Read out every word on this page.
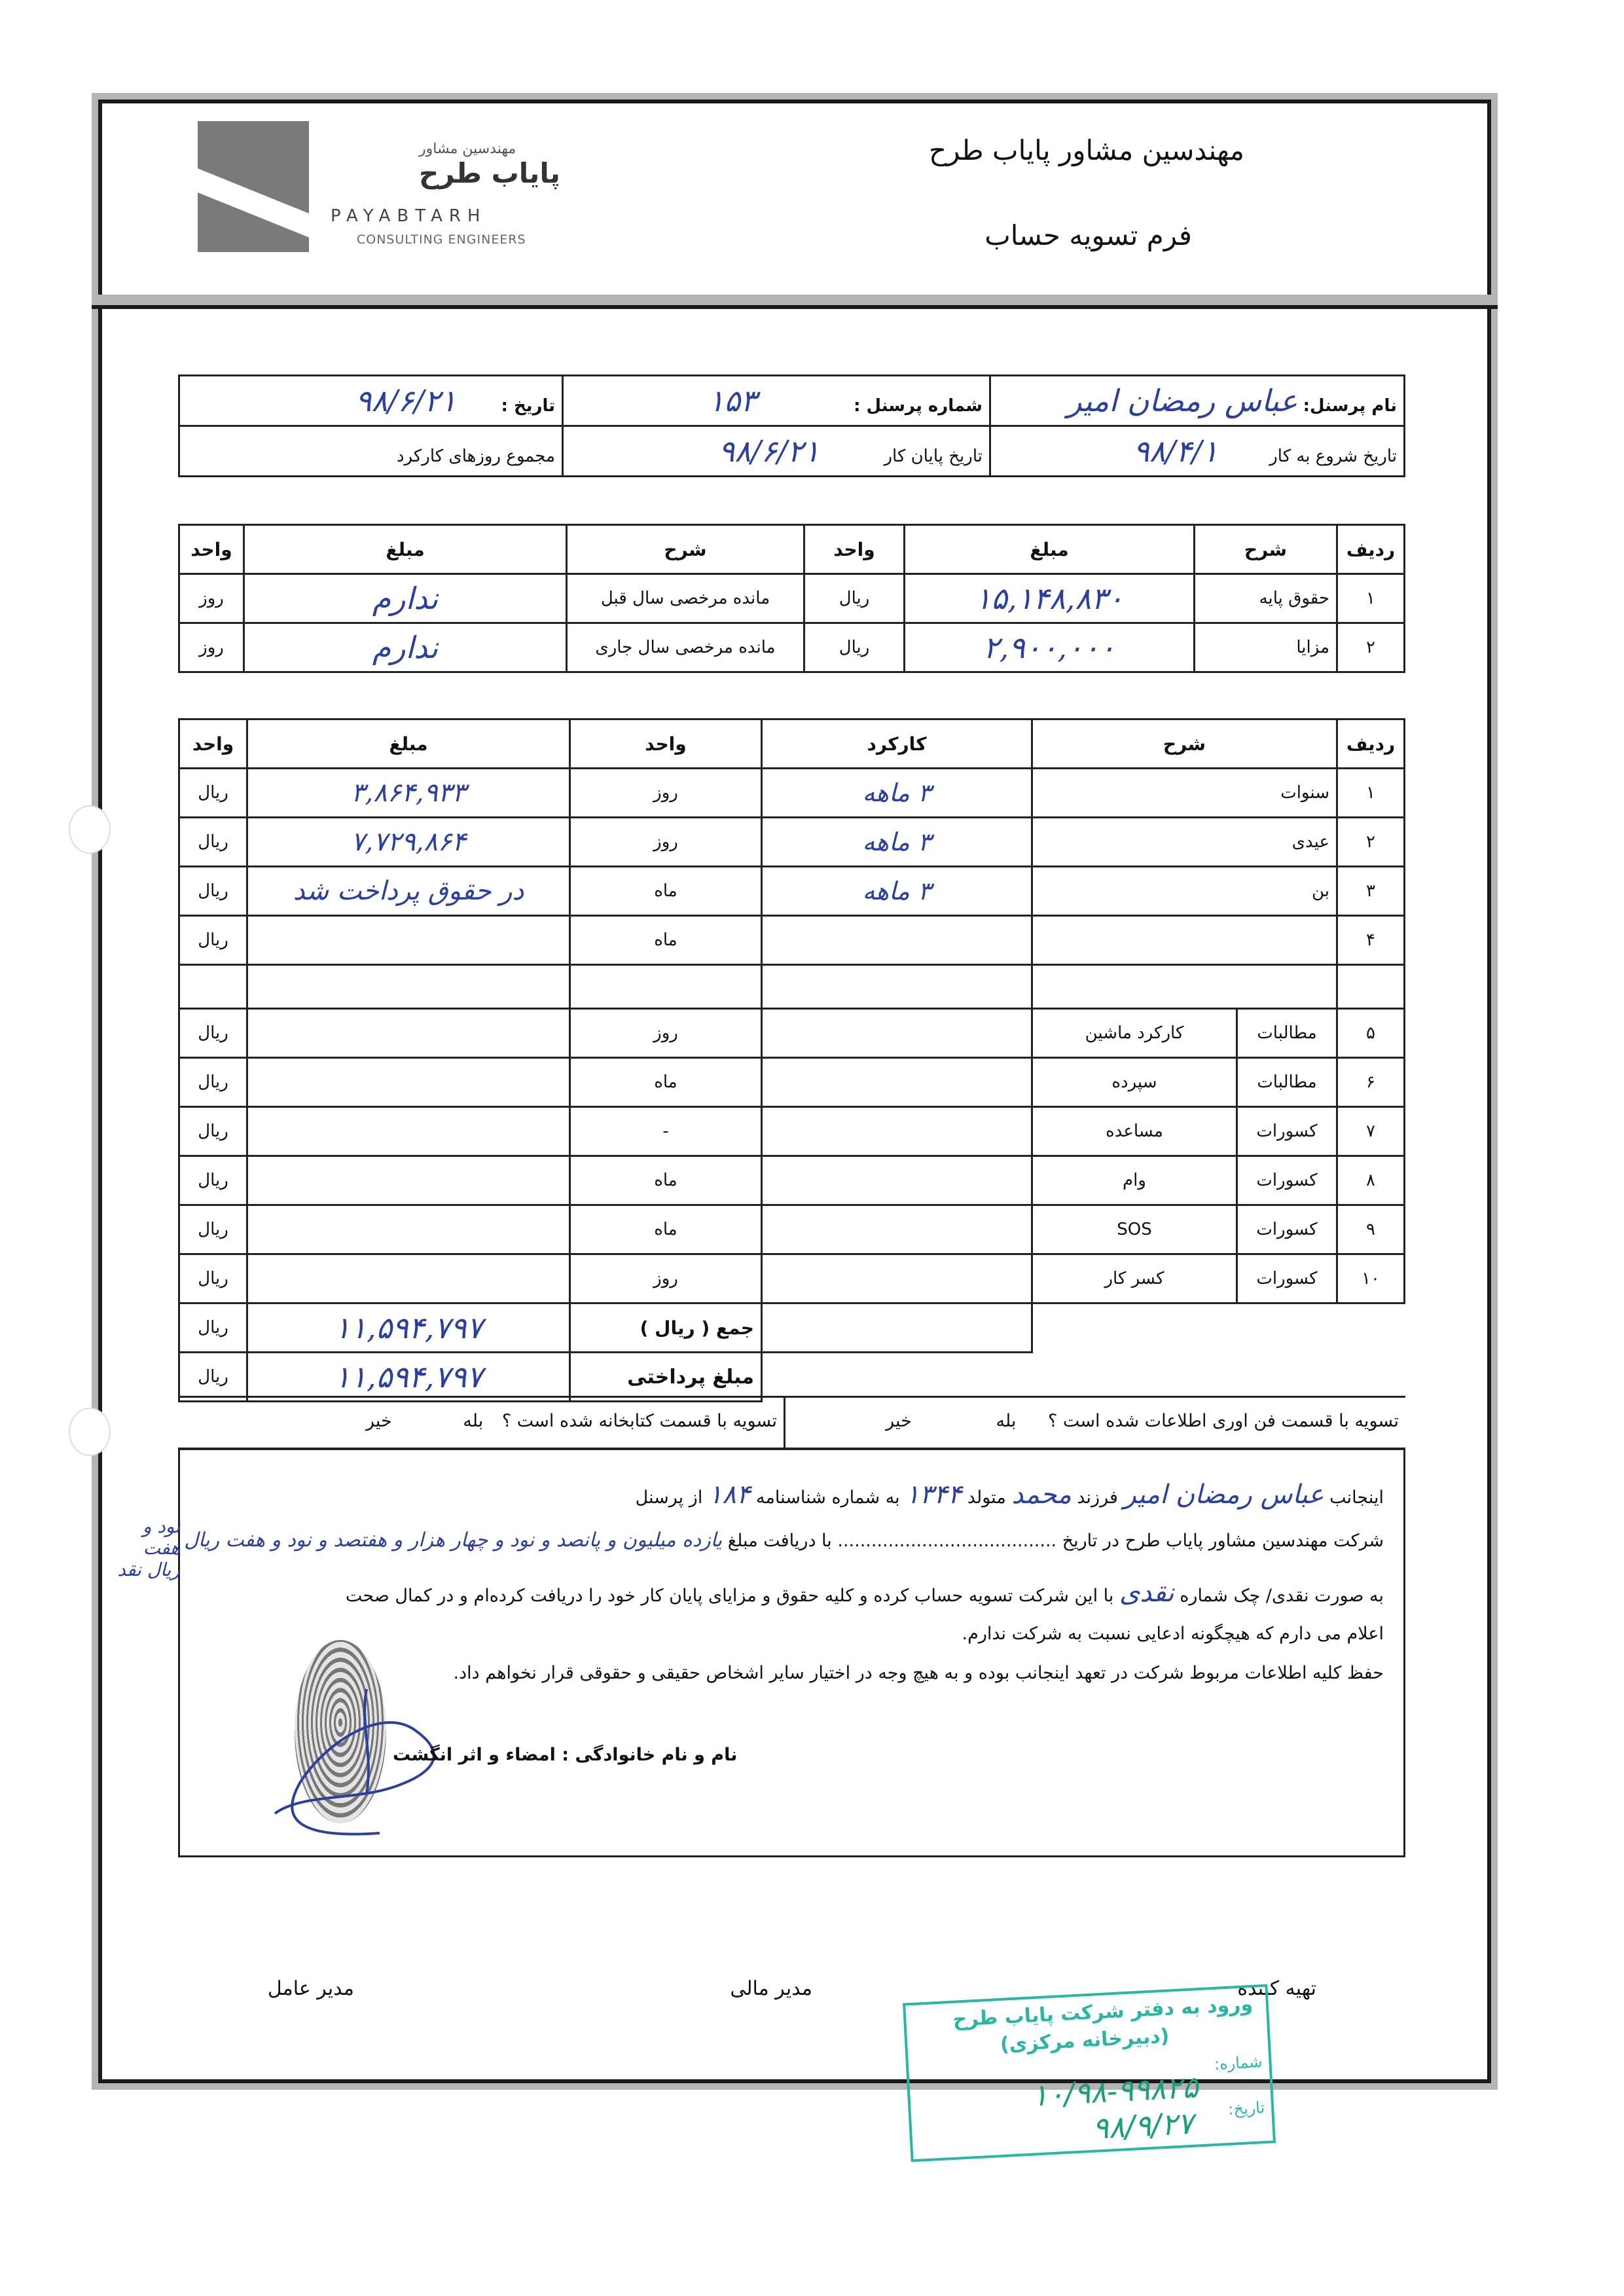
مهندسین مشاور
پایاب طرح
PAYABTARH
CONSULTING ENGINEERS
مهندسین مشاور پایاب طرح
فرم تسویه حساب
نام پرسنل: عباس رمضان امیر	شماره پرسنل : ۱۵۳	تاریخ : ۹۸/۶/۲۱
تاریخ شروع به کار ۹۸/۴/۱	تاریخ پایان کار ۹۸/۶/۲۱	مجموع روزهای کارکرد
ردیف	شرح	مبلغ	واحد	شرح	مبلغ	واحد
۱	حقوق پایه	۱۵,۱۴۸,۸۳۰	ریال	مانده مرخصی سال قبل	ندارم	روز
۲	مزایا	۲,۹۰۰,۰۰۰	ریال	مانده مرخصی سال جاری	ندارم	روز
ردیف	شرح		کارکرد	واحد	مبلغ	واحد
۱	سنوات		۳ ماهه	روز	۳,۸۶۴,۹۳۳	ریال
۲	عیدی		۳ ماهه	روز	۷,۷۲۹,۸۶۴	ریال
۳	بن		۳ ماهه	ماه	در حقوق پرداخت شد	ریال
۴				ماه		ریال

۵	مطالبات	کارکرد ماشین		روز		ریال
۶	مطالبات	سپرده		ماه		ریال
۷	کسورات	مساعده		-		ریال
۸	کسورات	وام		ماه		ریال
۹	کسورات	SOS		ماه		ریال
۱۰	کسورات	کسر کار		روز		ریال
				جمع ( ریال )	۱۱,۵۹۴,۷۹۷	ریال
				مبلغ پرداختی	۱۱,۵۹۴,۷۹۷	ریال
تسویه با قسمت فن اوری اطلاعات شده است ؟ بله خیر
تسویه با قسمت کتابخانه شده است ؟ بله خیر
اینجانب عباس رمضان امیر فرزند محمد متولد ۱۳۴۴ به شماره شناسنامه ۱۸۴ از پرسنل
شرکت مهندسین مشاور پایاب طرح در تاریخ ....................................... با دریافت مبلغ یازده میلیون و پانصد و نود و چهار هزار و هفتصد و نود و هفت ریال
نود و هفت ریال نقد
به صورت نقدی/ چک شماره نقدی با این شرکت تسویه حساب کرده و کلیه حقوق و مزایای پایان کار خود را دریافت کرده‌ام و در کمال صحت
اعلام می دارم که هیچگونه ادعایی نسبت به شرکت ندارم.
حفظ کلیه اطلاعات مربوط شرکت در تعهد اینجانب بوده و به هیچ وجه در اختیار سایر اشخاص حقیقی و حقوقی قرار نخواهم داد.
نام و نام خانوادگی : امضاء و اثر انگشت
تهیه کننده
مدیر مالی
مدیر عامل
ورود به دفتر شرکت پایاب طرح
(دبیرخانه مرکزی)
شماره:
۱۰/۹۸-۹۹۸۲۵ تاریخ:
۹۸/۹/۲۷
